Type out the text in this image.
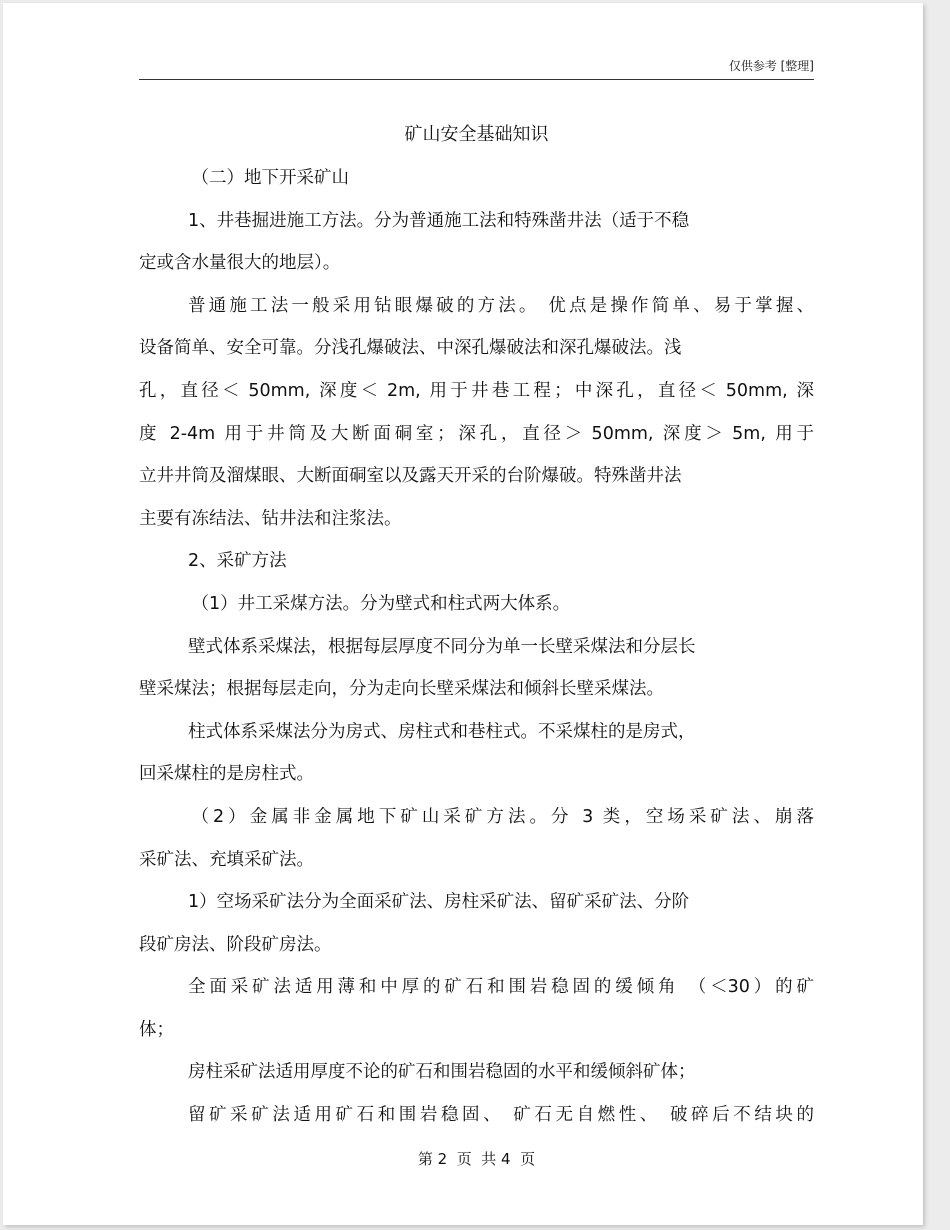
仅供参考 [整理]
矿山安全基础知识
（二）地下开采矿山
1、井巷掘进施工方法。分为普通施工法和特殊凿井法（适于不稳
定或含水量很大的地层）。
普通施工法一般采用钻眼爆破的方法。 优点是操作简单、易于掌握、
设备简单、安全可靠。分浅孔爆破法、中深孔爆破法和深孔爆破法。浅
孔，直径＜ 50mm, 深度＜ 2m, 用于井巷工程；中深孔，直径＜ 50mm, 深
度 2-4m 用于井筒及大断面硐室；深孔，直径＞ 50mm, 深度＞ 5m, 用于
立井井筒及溜煤眼、大断面硐室以及露天开采的台阶爆破。特殊凿井法
主要有冻结法、钻井法和注浆法。
2、采矿方法
（1）井工采煤方法。分为壁式和柱式两大体系。
壁式体系采煤法，根据每层厚度不同分为单一长壁采煤法和分层长
壁采煤法；根据每层走向，分为走向长壁采煤法和倾斜长壁采煤法。
柱式体系采煤法分为房式、房柱式和巷柱式。不采煤柱的是房式，
回采煤柱的是房柱式。
（2）金属非金属地下矿山采矿方法。分 3 类，空场采矿法、崩落
采矿法、充填采矿法。
1）空场采矿法分为全面采矿法、房柱采矿法、留矿采矿法、分阶
段矿房法、阶段矿房法。
全面采矿法适用薄和中厚的矿石和围岩稳固的缓倾角 （＜30）的矿
体；
房柱采矿法适用厚度不论的矿石和围岩稳固的水平和缓倾斜矿体；
留矿采矿法适用矿石和围岩稳固、 矿石无自燃性、 破碎后不结块的
第 2  页  共 4  页
